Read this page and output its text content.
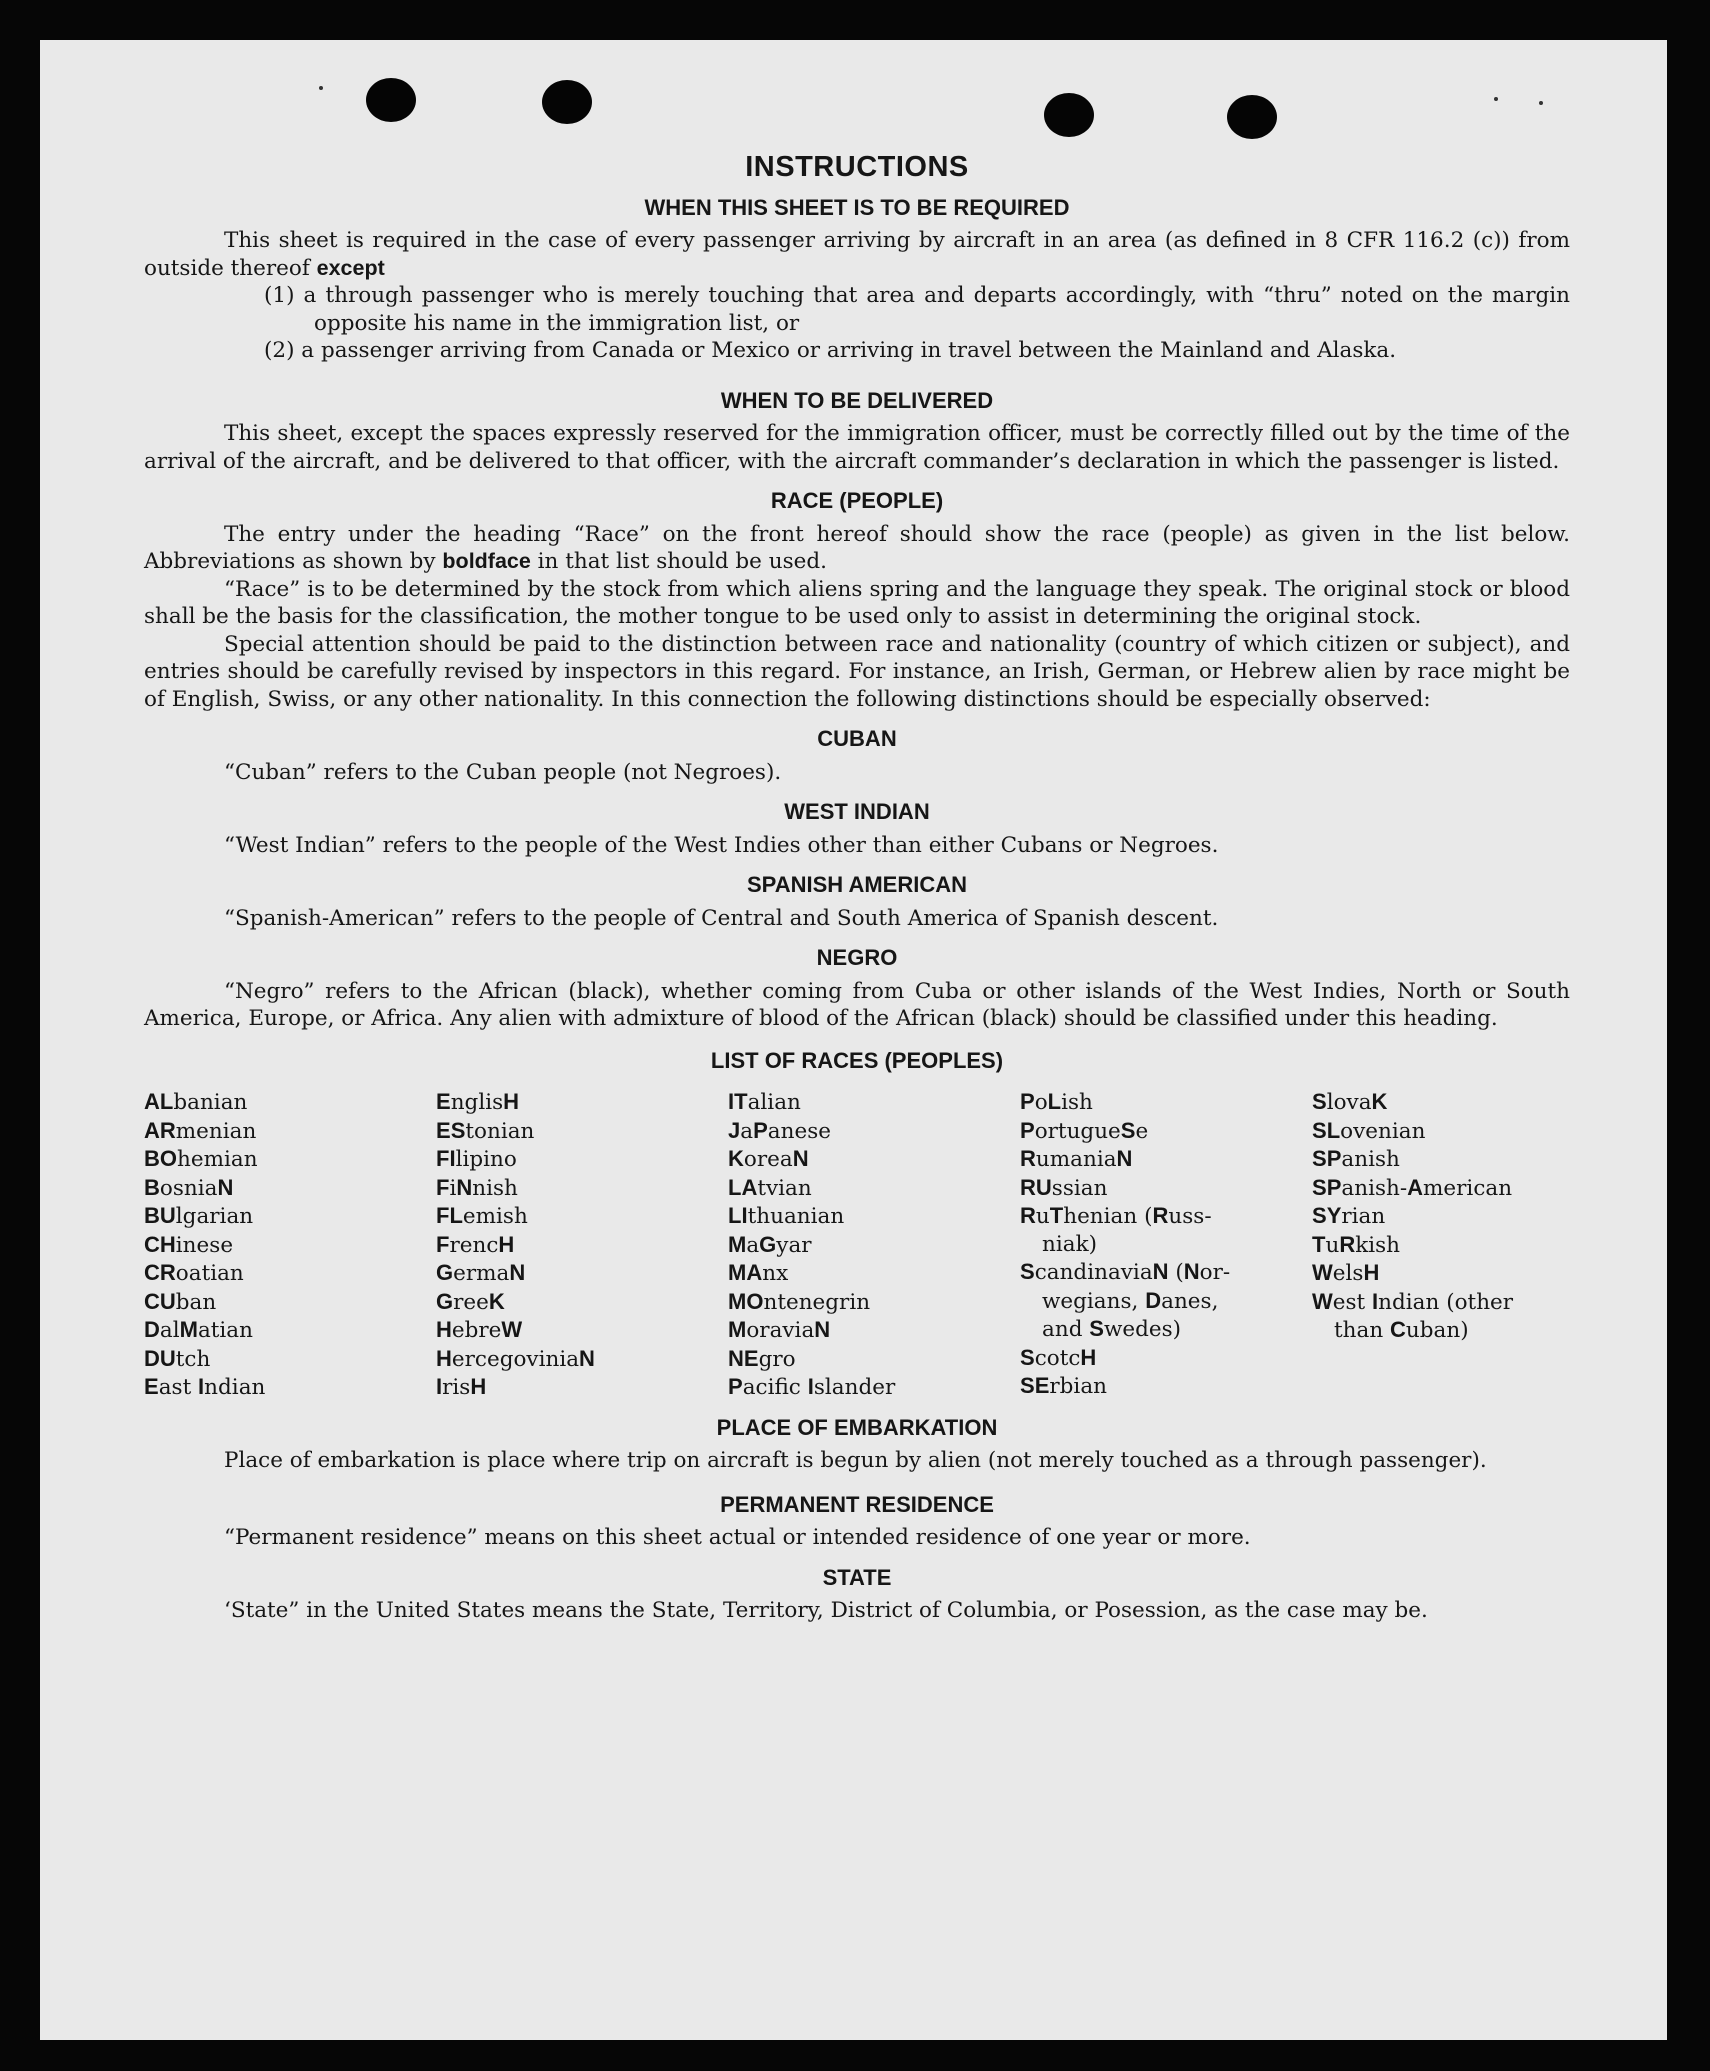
INSTRUCTIONS
WHEN THIS SHEET IS TO BE REQUIRED

This sheet is required in the case of every passenger arriving by aircraft in an area (as defined in 8 CFR 116.2 (c)) from outside thereof except

(1) a through passenger who is merely touching that area and departs accordingly, with “thru” noted on the margin opposite his name in the immigration list, or

(2) a passenger arriving from Canada or Mexico or arriving in travel between the Mainland and Alaska.

WHEN TO BE DELIVERED

This sheet, except the spaces expressly reserved for the immigration officer, must be correctly filled out by the time of the arrival of the aircraft, and be delivered to that officer, with the aircraft commander’s declaration in which the passenger is listed.

RACE (PEOPLE)

The entry under the heading “Race” on the front hereof should show the race (people) as given in the list below. Abbreviations as shown by boldface in that list should be used.

“Race” is to be determined by the stock from which aliens spring and the language they speak. The original stock or blood shall be the basis for the classification, the mother tongue to be used only to assist in determining the original stock.

Special attention should be paid to the distinction between race and nationality (country of which citizen or subject), and entries should be carefully revised by inspectors in this regard. For instance, an Irish, German, or Hebrew alien by race might be of English, Swiss, or any other nationality. In this connection the following distinctions should be especially observed:

CUBAN

“Cuban” refers to the Cuban people (not Negroes).

WEST INDIAN

“West Indian” refers to the people of the West Indies other than either Cubans or Negroes.

SPANISH AMERICAN

“Spanish-American” refers to the people of Central and South America of Spanish descent.

NEGRO

“Negro” refers to the African (black), whether coming from Cuba or other islands of the West Indies, North or South America, Europe, or Africa. Any alien with admixture of blood of the African (black) should be classified under this heading.

LIST OF RACES (PEOPLES)
ALbanian
ARmenian
BOhemian
BosniaN
BUlgarian
CHinese
CRoatian
CUban
DalMatian
DUtch
East Indian
EnglisH
EStonian
FIlipino
FiNnish
FLemish
FrencH
GermaN
GreeK
HebreW
HercegoviniaN
IrisH
ITalian
JaPanese
KoreaN
LAtvian
LIthuanian
MaGyar
MAnx
MOntenegrin
MoraviaN
NEgro
Pacifc Islander
PoLish
PortugueSe
RumaniaN
RUssian
RuThenian (Russ-
niak)
ScandinaviaN (Nor-
wegians, Danes,
and Swedes)
ScotcH
SErbian
SlovaK
SLovenian
SPanish
SPanish-American
SYrian
TuRkish
WelsH
West Indian (other
than Cuban)
PLACE OF EMBARKATION

Place of embarkation is place where trip on aircraft is begun by alien (not merely touched as a through passenger).

PERMANENT RESIDENCE

“Permanent residence” means on this sheet actual or intended residence of one year or more.

STATE

‘State” in the United States means the State, Territory, District of Columbia, or Posession, as the case may be.
